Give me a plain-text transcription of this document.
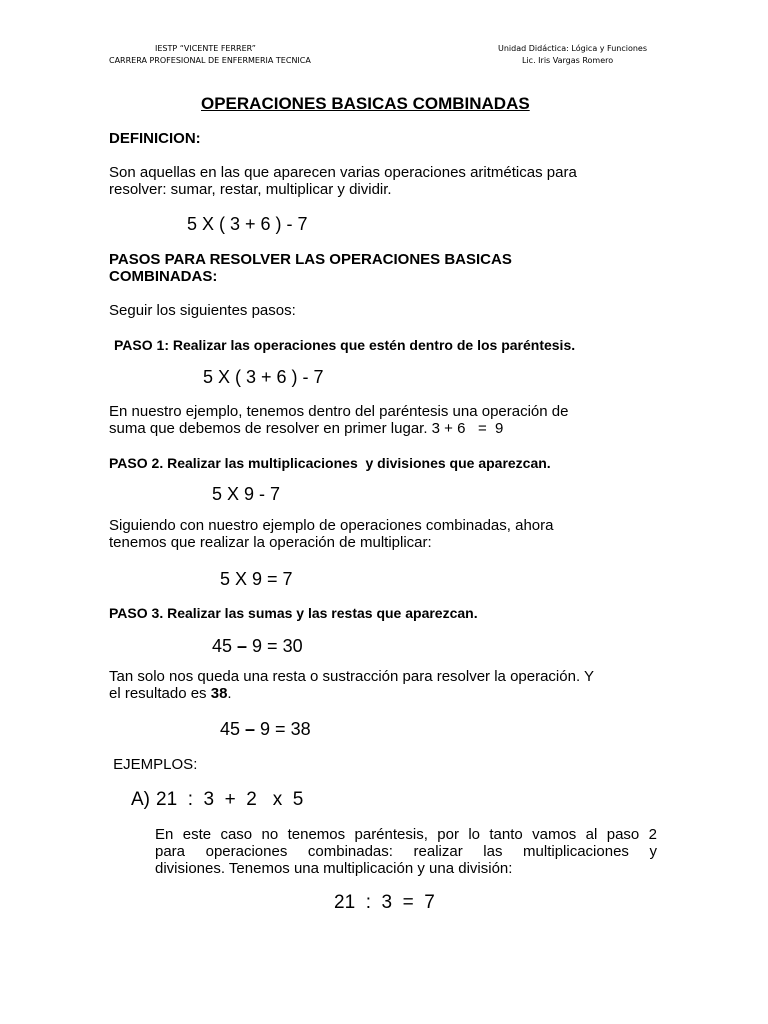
IESTP “VICENTE FERRER”
CARRERA PROFESIONAL DE ENFERMERIA TECNICA
Unidad Didáctica: Lógica y Funciones
Lic. Iris Vargas Romero
OPERACIONES BASICAS COMBINADAS
DEFINICION:
Son aquellas en las que aparecen varias operaciones aritméticas para
resolver: sumar, restar, multiplicar y dividir.
5 X ( 3 + 6 ) - 7
PASOS PARA RESOLVER LAS OPERACIONES BASICAS
COMBINADAS:
Seguir los siguientes pasos:
PASO 1: Realizar las operaciones que estén dentro de los paréntesis.
5 X ( 3 + 6 ) - 7
En nuestro ejemplo, tenemos dentro del paréntesis una operación de
suma que debemos de resolver en primer lugar. 3 + 6   =  9
PASO 2. Realizar las multiplicaciones  y divisiones que aparezcan.
5 X 9 - 7
Siguiendo con nuestro ejemplo de operaciones combinadas, ahora
tenemos que realizar la operación de multiplicar:
5 X 9 = 7
PASO 3. Realizar las sumas y las restas que aparezcan.
45 – 9 = 30
Tan solo nos queda una resta o sustracción para resolver la operación. Y
el resultado es 38.
45 – 9 = 38
EJEMPLOS:
A) 21  :  3  +  2   x  5
En este caso no tenemos paréntesis, por lo tanto vamos al paso 2
para operaciones combinadas: realizar las multiplicaciones y
divisiones. Tenemos una multiplicación y una división:
21  :  3  =  7
